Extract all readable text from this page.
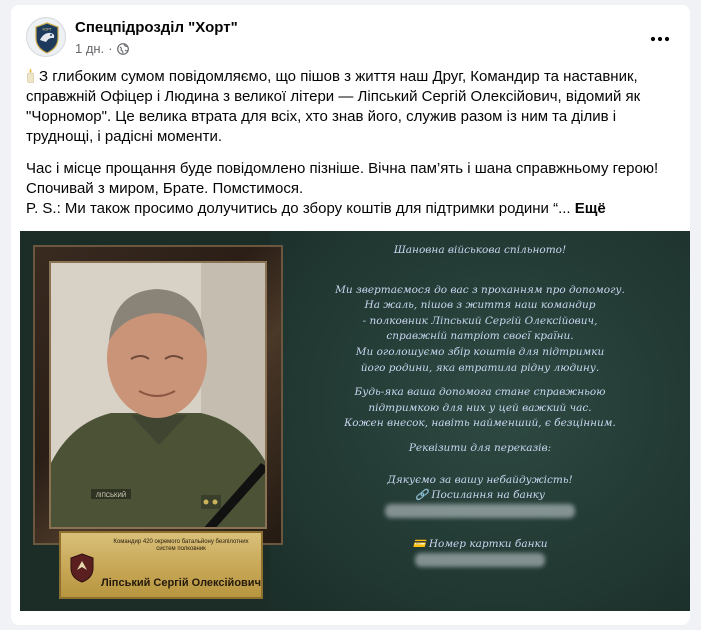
ХОРТ Спецпідрозділ "Хорт"
1 дн. ·

З глибоким сумом повідомляємо, що пішов з життя наш Друг, Командир та наставник, справжній Офіцер і Людина з великої літери — Ліпський Сергій Олексійович, відомий як "Чорномор". Це велика втрата для всіх, хто знав його, служив разом із ним та ділив і труднощі, і радісні моменти.

Час і місце прощання буде повідомлено пізніше. Вічна пам’ять і шана справжньому герою!
Спочивай з миром, Брате. Помстимося.
P. S.: Ми також просимо долучитись до збору коштів для підтримки родини “... Ещё

ЛІПСЬКИЙ
Командир 420 окремого батальйону безпілотних систем полковник
Ліпський Сергій Олексійович
Шановна військова спільното!
Ми звертаємося до вас з проханням про допомогу.
На жаль, пішов з життя наш командир
- полковник Ліпський Сергій Олексійович,
справжній патріот своєї країни.
Ми оголошуємо збір коштів для підтримки
його родини, яка втратила рідну людину.
Будь-яка ваша допомога стане справжньою
підтримкою для них у цей важкий час.
Кожен внесок, навіть найменший, є безцінним.
Реквізити для переказів:
Дякуємо за вашу небайдужість!
🔗 Посилання на банку
💳 Номер картки банки
